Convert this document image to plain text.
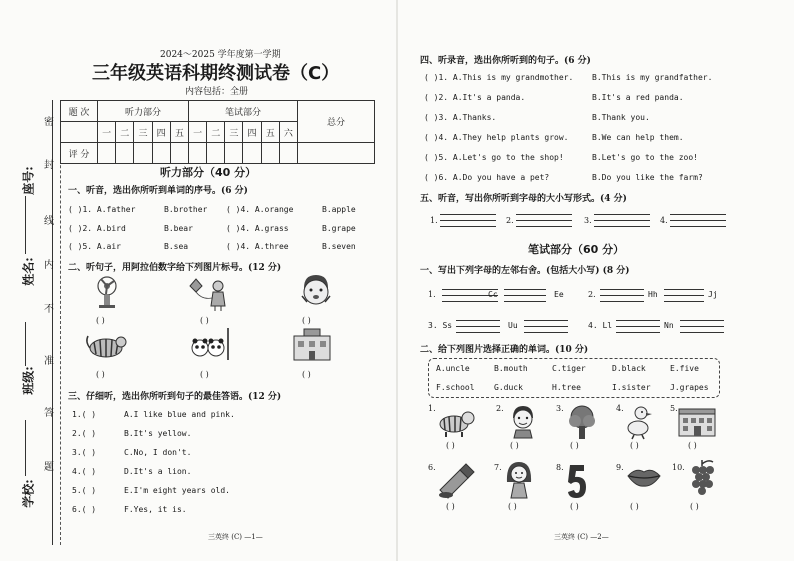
密
封
线
内
不
准
答
题
学校:
班级:
姓名:
座号:
2024～2025 学年度第一学期
三年级英语科期终测试卷（C）
内容包括：全册
题 次	听力部分					笔试部分						总分
	一	二	三	四	五	一	二	三	四	五	六	
评 分												
听力部分（40 分）
一、听音，选出你所听到单词的序号。(6 分)
( )1. A.father	B.brother ( )4. A.orange	B.apple
( )2. A.bird	B.bear	( )4. A.grass	B.grape
( )5. A.air	B.sea	( )4. A.three	B.seven
二、听句子，用阿拉伯数字给下列图片标号。(12 分)
( )	( )	( )
( )	( )	( )
三、仔细听，选出你所听到句子的最佳答语。(12 分)
1.( )	A.I like blue and pink.
2.( )	B.It's yellow.
3.( )	C.No, I don't.
4.( )	D.It's a lion.
5.( )	E.I'm eight years old.
6.( )	F.Yes, it is.
三英终 (C) —1—
四、听录音，选出你所听到的句子。(6 分)
( )1. A.This is my grandmother. B.This is my grandfather.
( )2. A.It's a panda.	B.It's a red panda.
( )3. A.Thanks.	B.Thank you.
( )4. A.They help plants grow.	B.We can help them.
( )5. A.Let's go to the shop!	B.Let's go to the zoo!
( )6. A.Do you have a pet?	B.Do you like the farm?
五、听音，写出你所听到字母的大小写形式。(4 分)
1.	2.	3.	4.
笔试部分（60 分）
一、写出下列字母的左邻右舍。(包括大小写) (8 分)
1.	Cc	Ee	2.	Hh	Jj
3. Ss	Uu	4. Ll	Nn
二、给下列图片选择正确的单词。(10 分)
A.uncle	B.mouth	C.tiger	D.black	E.five
F.school G.duck	H.tree	I.sister J.grapes
1.
( )
2.
( )
3.
( )
4.
( )
5.
( )
6.
( )
7.
( )
8.
( )
9.
( )
10.
( )
三英终 (C) —2—
